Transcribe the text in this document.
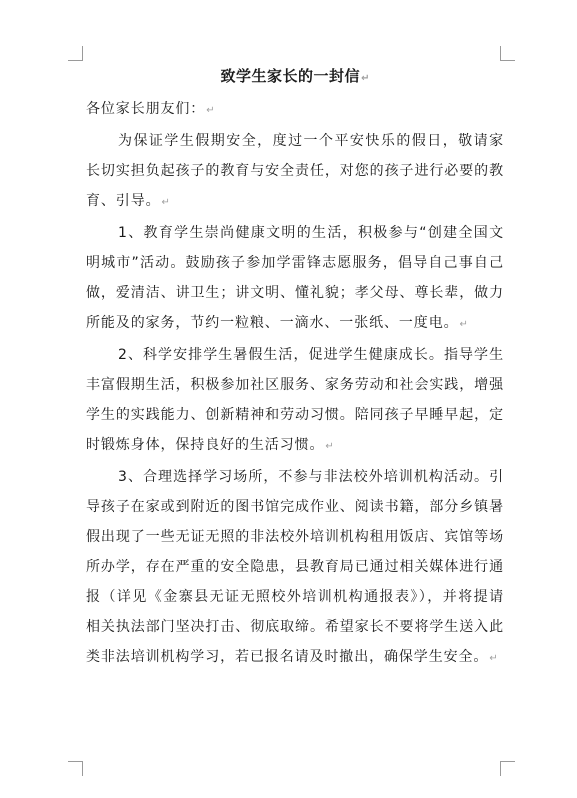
致学生家长的一封信↵

各位家长朋友们：↵

为保证学生假期安全，度过一个平安快乐的假日，敬请家长切实担负起孩子的教育与安全责任，对您的孩子进行必要的教育、引导。↵

1、教育学生崇尚健康文明的生活，积极参与“创建全国文明城市”活动。鼓励孩子参加学雷锋志愿服务，倡导自己事自己做，爱清洁、讲卫生；讲文明、懂礼貌；孝父母、尊长辈，做力所能及的家务，节约一粒粮、一滴水、一张纸、一度电。↵

2、科学安排学生暑假生活，促进学生健康成长。指导学生丰富假期生活，积极参加社区服务、家务劳动和社会实践，增强学生的实践能力、创新精神和劳动习惯。陪同孩子早睡早起，定时锻炼身体，保持良好的生活习惯。↵

3、合理选择学习场所，不参与非法校外培训机构活动。引导孩子在家或到附近的图书馆完成作业、阅读书籍，部分乡镇暑假出现了一些无证无照的非法校外培训机构租用饭店、宾馆等场所办学，存在严重的安全隐患，县教育局已通过相关媒体进行通报（详见《金寨县无证无照校外培训机构通报表》），并将提请相关执法部门坚决打击、彻底取缔。希望家长不要将学生送入此类非法培训机构学习，若已报名请及时撤出，确保学生安全。↵
